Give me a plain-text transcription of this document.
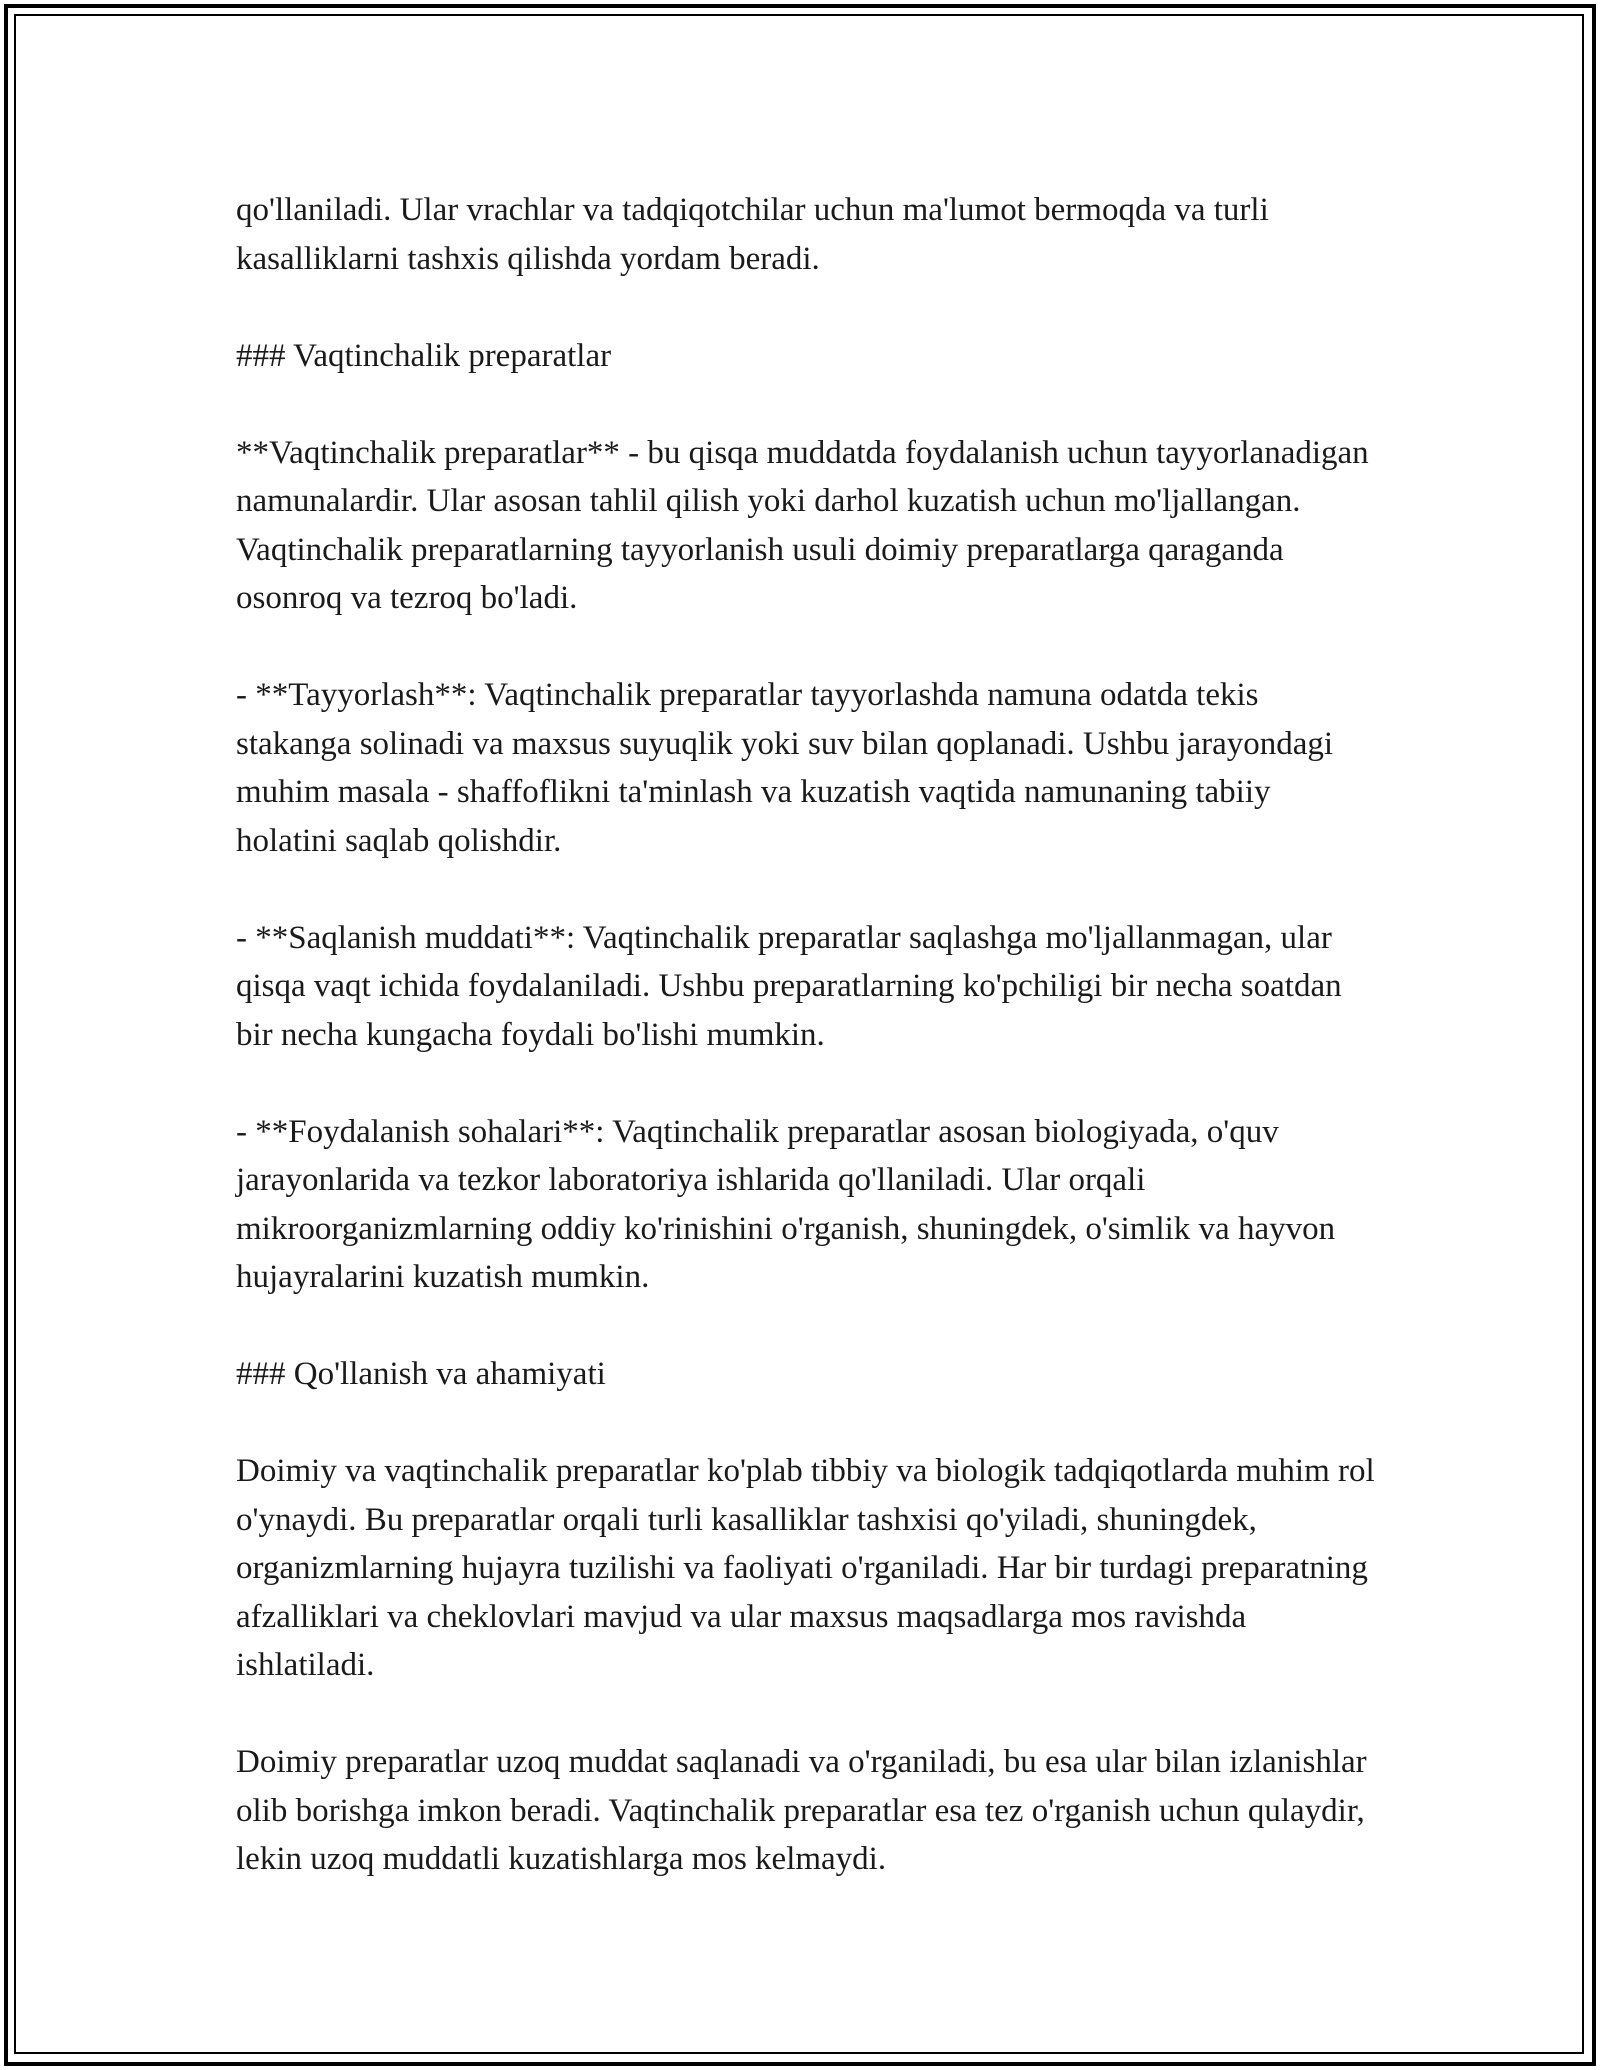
qo'llaniladi. Ular vrachlar va tadqiqotchilar uchun ma'lumot bermoqda va turli kasalliklarni tashxis qilishda yordam beradi.

### Vaqtinchalik preparatlar

**Vaqtinchalik preparatlar** - bu qisqa muddatda foydalanish uchun tayyorlanadigan namunalardir. Ular asosan tahlil qilish yoki darhol kuzatish uchun mo'ljallangan. Vaqtinchalik preparatlarning tayyorlanish usuli doimiy preparatlarga qaraganda osonroq va tezroq bo'ladi.

- **Tayyorlash**: Vaqtinchalik preparatlar tayyorlashda namuna odatda tekis stakanga solinadi va maxsus suyuqlik yoki suv bilan qoplanadi. Ushbu jarayondagi muhim masala - shaffoflikni ta'minlash va kuzatish vaqtida namunaning tabiiy holatini saqlab qolishdir.

- **Saqlanish muddati**: Vaqtinchalik preparatlar saqlashga mo'ljallanmagan, ular qisqa vaqt ichida foydalaniladi. Ushbu preparatlarning ko'pchiligi bir necha soatdan bir necha kungacha foydali bo'lishi mumkin.

- **Foydalanish sohalari**: Vaqtinchalik preparatlar asosan biologiyada, o'quv jarayonlarida va tezkor laboratoriya ishlarida qo'llaniladi. Ular orqali mikroorganizmlarning oddiy ko'rinishini o'rganish, shuningdek, o'simlik va hayvon hujayralarini kuzatish mumkin.

### Qo'llanish va ahamiyati

Doimiy va vaqtinchalik preparatlar ko'plab tibbiy va biologik tadqiqotlarda muhim rol o'ynaydi. Bu preparatlar orqali turli kasalliklar tashxisi qo'yiladi, shuningdek, organizmlarning hujayra tuzilishi va faoliyati o'rganiladi. Har bir turdagi preparatning afzalliklari va cheklovlari mavjud va ular maxsus maqsadlarga mos ravishda ishlatiladi.

Doimiy preparatlar uzoq muddat saqlanadi va o'rganiladi, bu esa ular bilan izlanishlar olib borishga imkon beradi. Vaqtinchalik preparatlar esa tez o'rganish uchun qulaydir, lekin uzoq muddatli kuzatishlarga mos kelmaydi.
